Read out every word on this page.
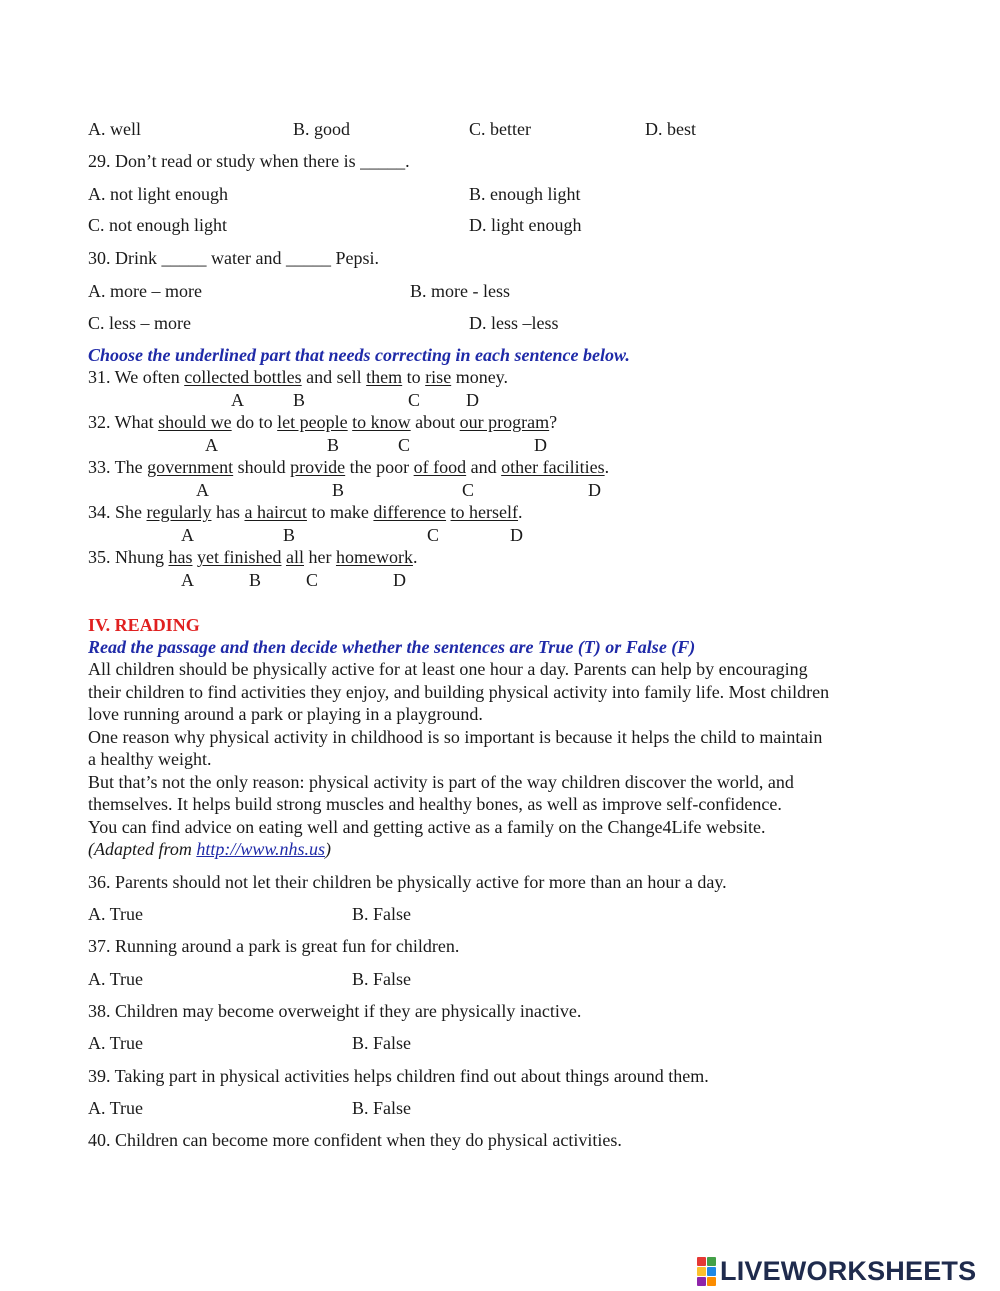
A. well	B. good	C. better	D. best
29. Don’t read or study when there is _____.
A. not light enough	B. enough light
C. not enough light	D. light enough
30. Drink _____ water and _____ Pepsi.
A. more – more	B. more - less
C. less – more	D. less –less
Choose the underlined part that needs correcting in each sentence below.
31. We often collected bottles and sell them to rise money.
A	B	C	D
32. What should we do to let people to know about our program?
A	B	C	D
33. The government should provide the poor of food and other facilities.
A	B	C	D
34. She regularly has a haircut to make difference to herself.
A	B	C	D
35. Nhung has yet finished all her homework.
A	B C	D
IV. READING
Read the passage and then decide whether the sentences are True (T) or False (F)
All children should be physically active for at least one hour a day. Parents can help by encouraging
their children to find activities they enjoy, and building physical activity into family life. Most children
love running around a park or playing in a playground.
One reason why physical activity in childhood is so important is because it helps the child to maintain
a healthy weight.
But that’s not the only reason: physical activity is part of the way children discover the world, and
themselves. It helps build strong muscles and healthy bones, as well as improve self-confidence.
You can find advice on eating well and getting active as a family on the Change4Life website.
(Adapted from http://www.nhs.us)
36. Parents should not let their children be physically active for more than an hour a day.
A. True	B. False
37. Running around a park is great fun for children.
A. True	B. False
38. Children may become overweight if they are physically inactive.
A. True	B. False
39. Taking part in physical activities helps children find out about things around them.
A. True	B. False
40. Children can become more confident when they do physical activities.
LIVEWORKSHEETS
